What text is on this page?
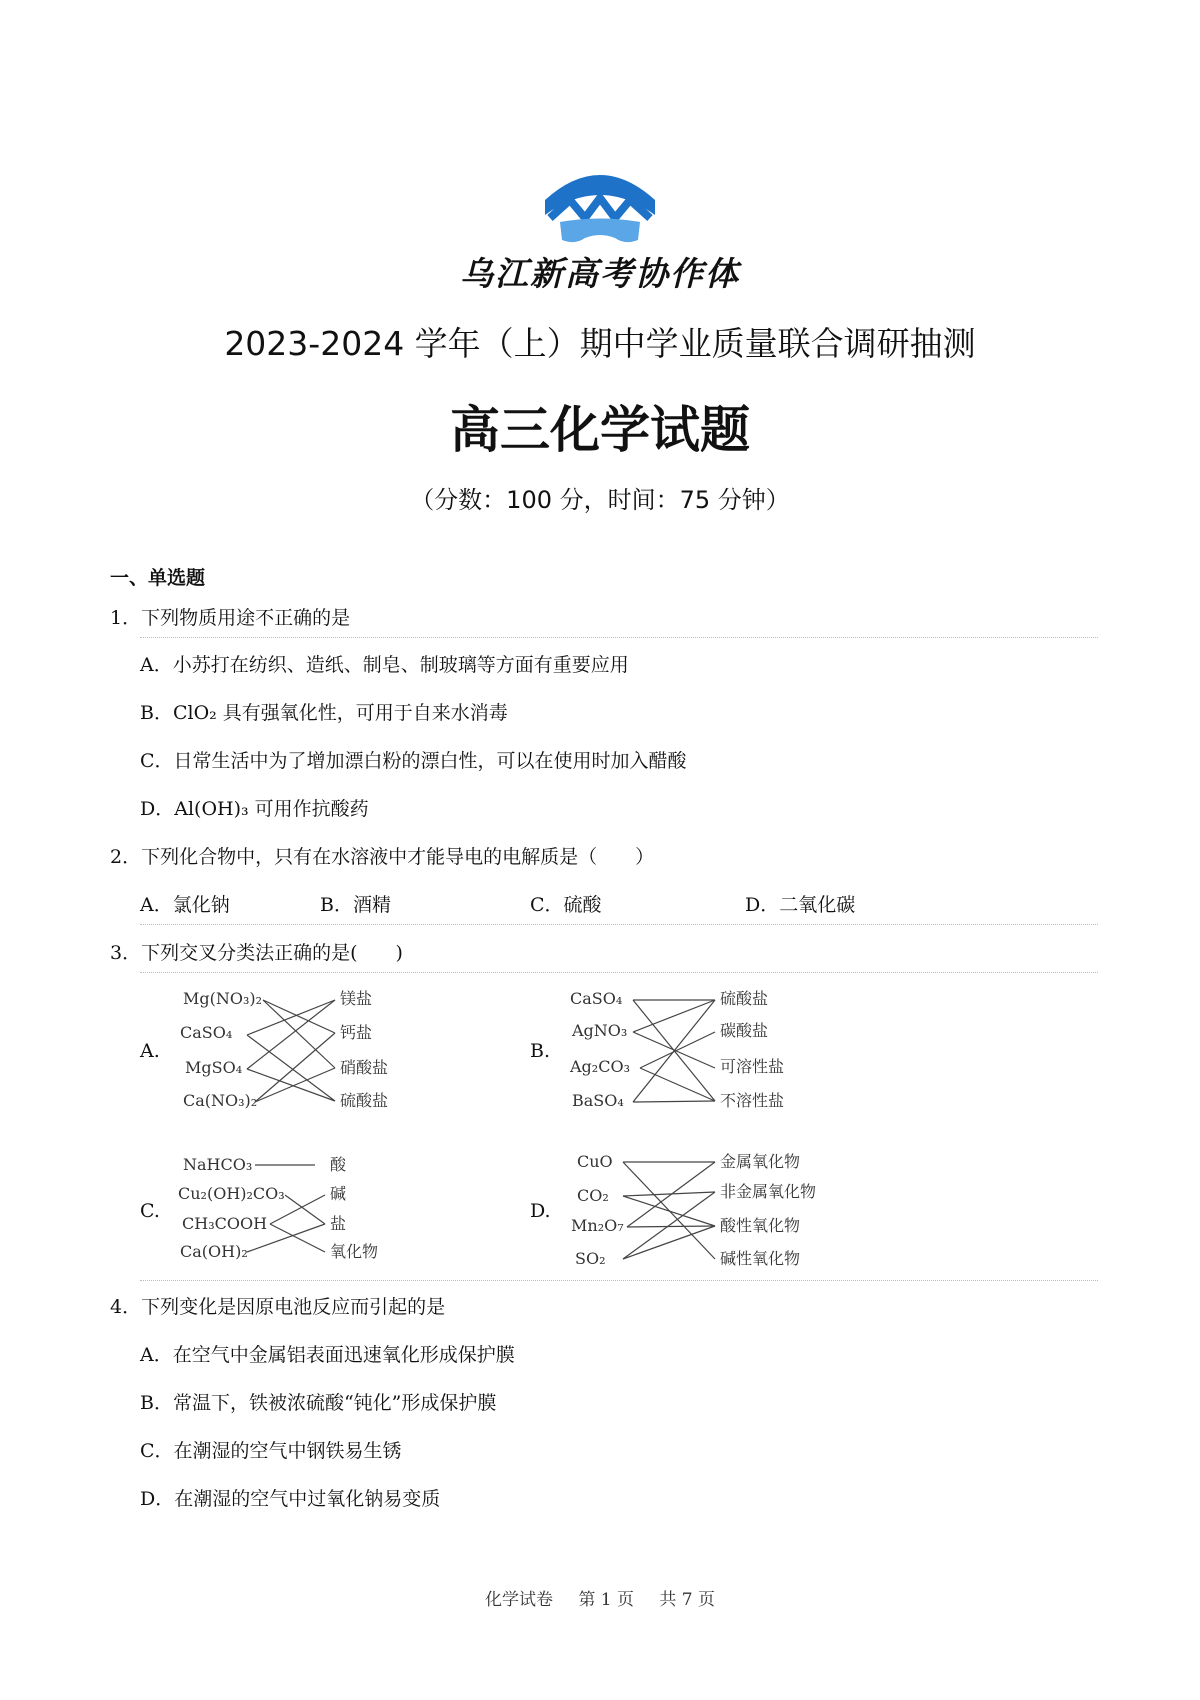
乌江新高考协作体
2023-2024 学年（上）期中学业质量联合调研抽测
高三化学试题
（分数：100 分，时间：75 分钟）
一、单选题
1．下列物质用途不正确的是
A．小苏打在纺织、造纸、制皂、制玻璃等方面有重要应用
B．ClO₂ 具有强氧化性，可用于自来水消毒
C．日常生活中为了增加漂白粉的漂白性，可以在使用时加入醋酸
D．Al(OH)₃ 可用作抗酸药
2．下列化合物中，只有在水溶液中才能导电的电解质是（　　）
A．氯化钠	B．酒精	C．硫酸	D．二氧化碳
3．下列交叉分类法正确的是(　　)
A.
Mg(NO₃)₂
CaSO₄
MgSO₄
Ca(NO₃)₂
镁盐
钙盐
硝酸盐
硫酸盐
B.
CaSO₄
AgNO₃
Ag₂CO₃
BaSO₄
硫酸盐
碳酸盐
可溶性盐
不溶性盐
C.
NaHCO₃
Cu₂(OH)₂CO₃
CH₃COOH
Ca(OH)₂
酸
碱
盐
氧化物
D.
CuO
CO₂
Mn₂O₇
SO₂
金属氧化物
非金属氧化物
酸性氧化物
碱性氧化物
4．下列变化是因原电池反应而引起的是
A．在空气中金属铝表面迅速氧化形成保护膜
B．常温下，铁被浓硫酸“钝化”形成保护膜
C．在潮湿的空气中钢铁易生锈
D．在潮湿的空气中过氧化钠易变质
化学试卷 第 1 页 共 7 页
